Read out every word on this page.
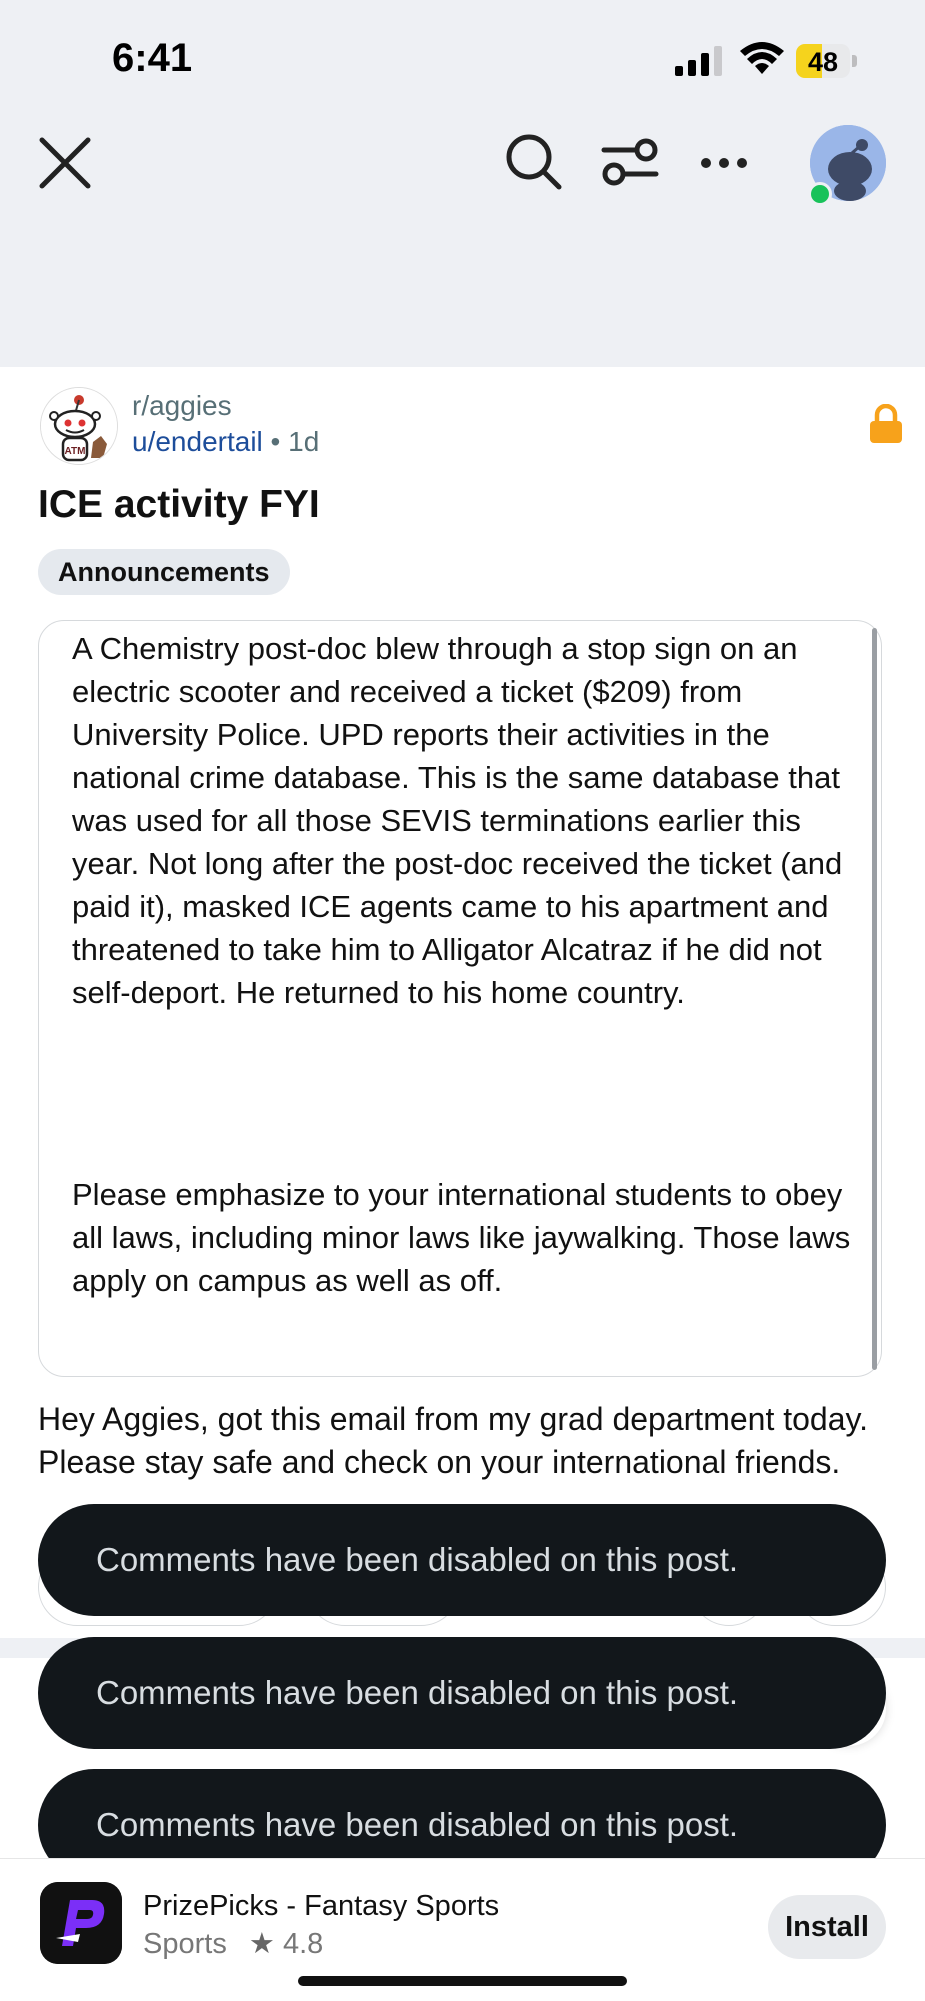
6:41	48
ATM
r/aggies
u/endertail • 1d
ICE activity FYI
Announcements
A Chemistry post-doc blew through a stop sign on an electric scooter and received a ticket ($209) from University Police. UPD reports their activities in the national crime database. This is the same database that was used for all those SEVIS terminations earlier this year. Not long after the post-doc received the ticket (and paid it), masked ICE agents came to his apartment and threatened to take him to Alligator Alcatraz if he did not self-deport. He returned to his home country.
Please emphasize to your international students to obey all laws, including minor laws like jaywalking. Those laws apply on campus as well as off.
Hey Aggies, got this email from my grad department today. Please stay safe and check on your international friends.
Comments have been disabled on this post.
Comments have been disabled on this post.
Comments have been disabled on this post.
PrizePicks - Fantasy Sports
Sports ★ 4.8
Install
